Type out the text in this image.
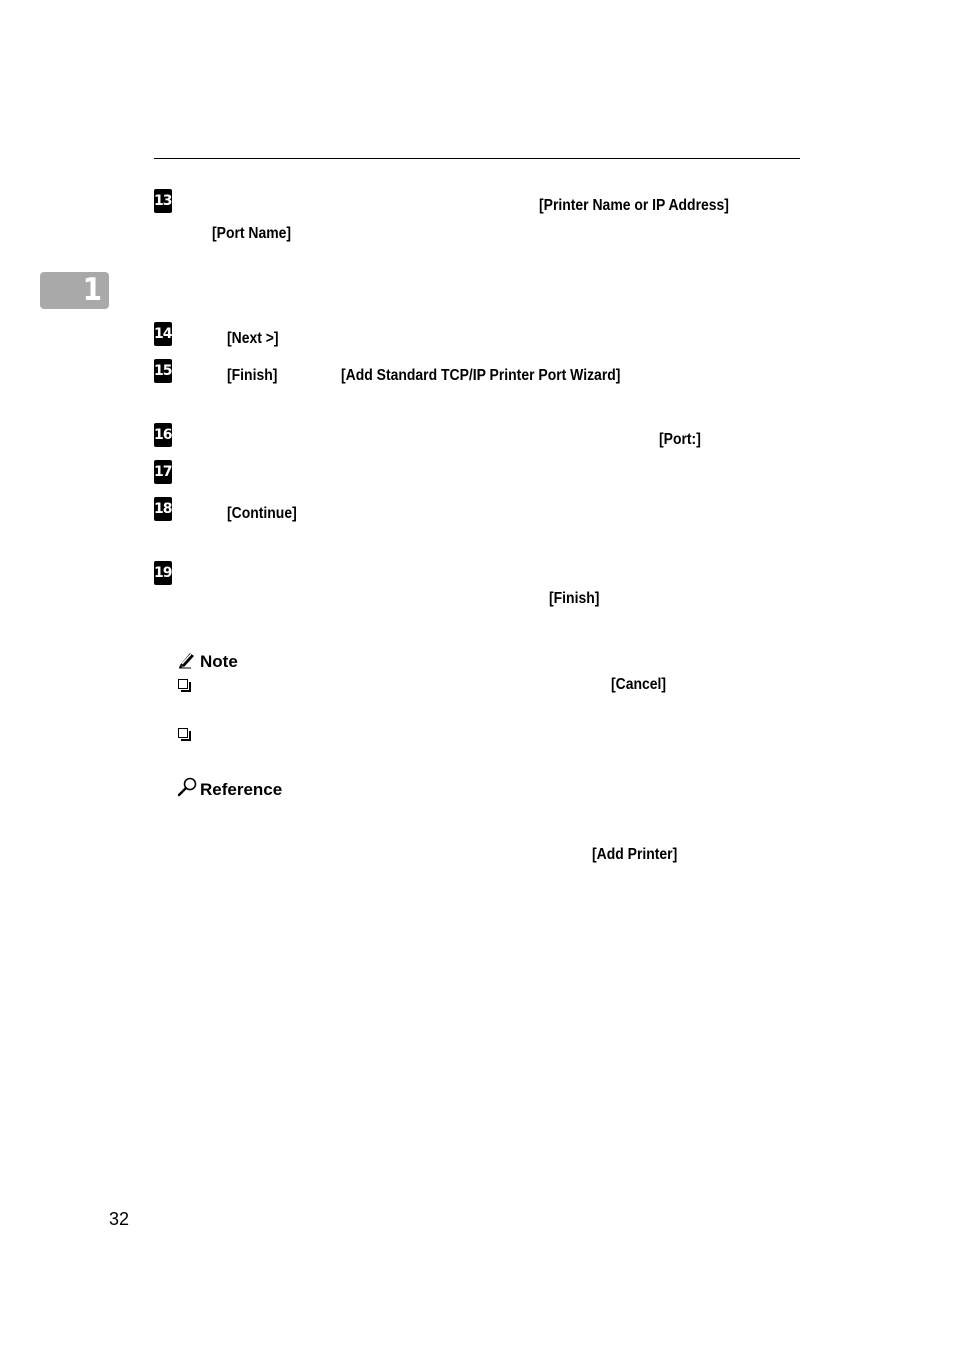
1
13	[Printer Name or IP Address]
[Port Name]
14	[Next >]
15	[Finish]	[Add Standard TCP/IP Printer Port Wizard]
16	[Port:]
17
18	[Continue]
19
[Finish]
Note
[Cancel]
Reference
[Add Printer]
32
